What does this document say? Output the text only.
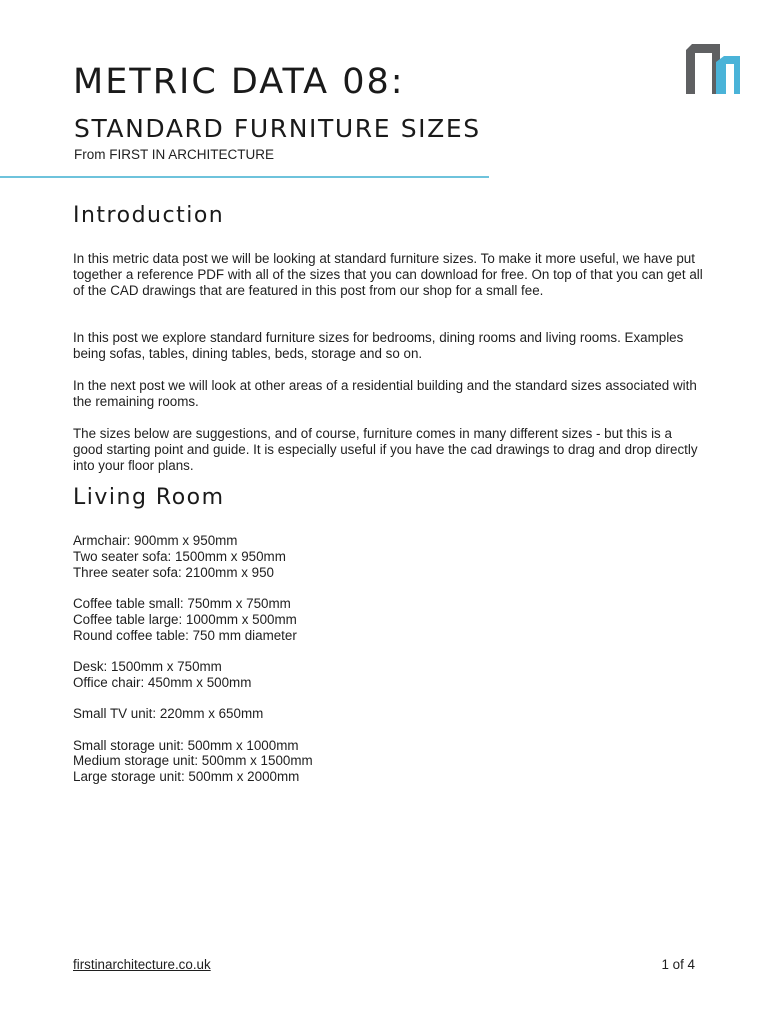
METRIC DATA 08:
STANDARD FURNITURE SIZES
From FIRST IN ARCHITECTURE
Introduction

In this metric data post we will be looking at standard furniture sizes. To make it more useful, we have put together a reference PDF with all of the sizes that you can download for free. On top of that you can get all of the CAD drawings that are featured in this post from our shop for a small fee.

In this post we explore standard furniture sizes for bedrooms, dining rooms and living rooms. Examples being sofas, tables, dining tables, beds, storage and so on.

In the next post we will look at other areas of a residential building and the standard sizes associated with the remaining rooms.

The sizes below are suggestions, and of course, furniture comes in many different sizes - but this is a good starting point and guide. It is especially useful if you have the cad drawings to drag and drop directly into your floor plans.

Living Room
Armchair: 900mm x 950mm
Two seater sofa: 1500mm x 950mm
Three seater sofa: 2100mm x 950
Coffee table small: 750mm x 750mm
Coffee table large: 1000mm x 500mm
Round coffee table: 750 mm diameter
Desk: 1500mm x 750mm
Office chair: 450mm x 500mm
Small TV unit: 220mm x 650mm
Small storage unit: 500mm x 1000mm
Medium storage unit: 500mm x 1500mm
Large storage unit: 500mm x 2000mm
firstinarchitecture.co.uk	1 of 4
